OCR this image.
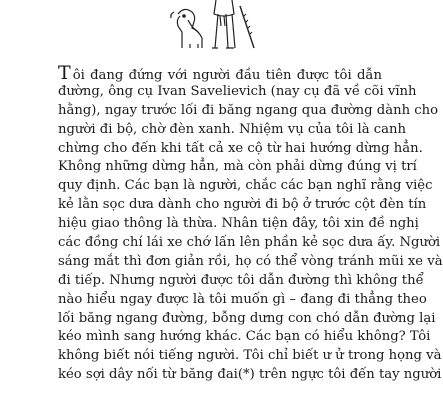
T ôi đang đứng với người đầu tiên được tôi dẫn
đường, ông cụ Ivan Savelievich (nay cụ đã về cõi vĩnh
hằng), ngay trước lối đi băng ngang qua đường dành cho
người đi bộ, chờ đèn xanh. Nhiệm vụ của tôi là canh
chừng cho đến khi tất cả xe cộ từ hai hướng dừng hẳn.
Không những dừng hẳn, mà còn phải dừng đúng vị trí
quy định. Các bạn là người, chắc các bạn nghĩ rằng việc
kẻ lằn sọc dưa dành cho người đi bộ ở trước cột đèn tín
hiệu giao thông là thừa. Nhân tiện đây, tôi xin đề nghị
các đồng chí lái xe chớ lấn lên phần kẻ sọc dưa ấy. Người
sáng mắt thì đơn giản rồi, họ có thể vòng tránh mũi xe và
đi tiếp. Nhưng người được tôi dẫn đường thì không thể
nào hiểu ngay được là tôi muốn gì – đang đi thẳng theo
lối băng ngang đường, bỗng dưng con chó dẫn đường lại
kéo mình sang hướng khác. Các bạn có hiểu không? Tôi
không biết nói tiếng người. Tôi chỉ biết ư ử trong họng và
kéo sợi dây nối từ băng đai(*) trên ngực tôi đến tay người
